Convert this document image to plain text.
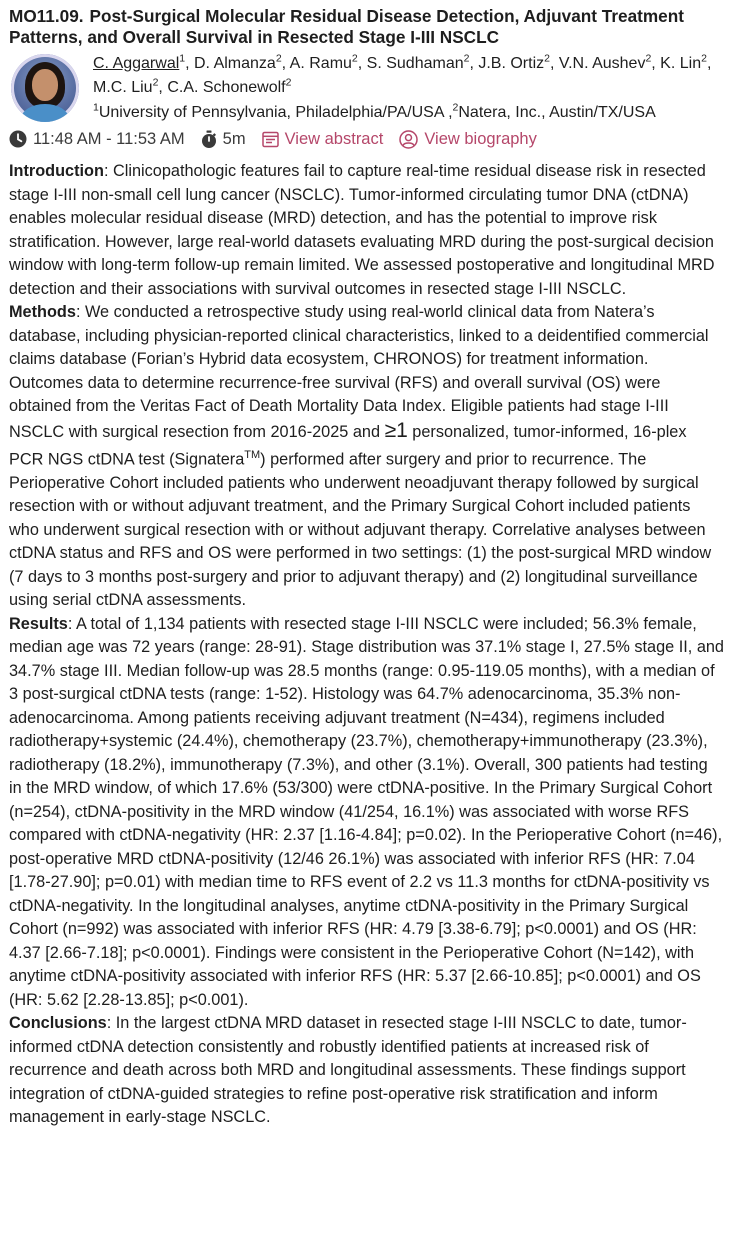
MO11.09. Post-Surgical Molecular Residual Disease Detection, Adjuvant Treatment Patterns, and Overall Survival in Resected Stage I-III NSCLC
C. Aggarwal$^1$, D. Almanza$^2$, A. Ramu$^2$, S. Sudhaman$^2$, J.B. Ortiz$^2$, V.N. Aushev$^2$, K. Lin$^2$, M.C. Liu$^2$, C.A. Schonewolf$^2$
$^1$University of Pennsylvania, Philadelphia/PA/USA ,$^2$Natera, Inc., Austin/TX/USA
11:48 AM - 11:53 AM 5m View abstract View biography

Introduction: Clinicopathologic features fail to capture real-time residual disease risk in resected stage I-III non-small cell lung cancer (NSCLC). Tumor-informed circulating tumor DNA (ctDNA) enables molecular residual disease (MRD) detection, and has the potential to improve risk stratification. However, large real-world datasets evaluating MRD during the post-surgical decision window with long-term follow-up remain limited. We assessed postoperative and longitudinal MRD detection and their associations with survival outcomes in resected stage I-III NSCLC.

Methods: We conducted a retrospective study using real-world clinical data from Natera’s database, including physician-reported clinical characteristics, linked to a deidentified commercial claims database (Forian’s Hybrid data ecosystem, CHRONOS) for treatment information. Outcomes data to determine recurrence-free survival (RFS) and overall survival (OS) were obtained from the Veritas Fact of Death Mortality Data Index. Eligible patients had stage I-III NSCLC with surgical resection from 2016-2025 and ≥1 personalized, tumor-informed, 16-plex PCR NGS ctDNA test (Signatera™) performed after surgery and prior to recurrence. The Perioperative Cohort included patients who underwent neoadjuvant therapy followed by surgical resection with or without adjuvant treatment, and the Primary Surgical Cohort included patients who underwent surgical resection with or without adjuvant therapy. Correlative analyses between ctDNA status and RFS and OS were performed in two settings: (1) the post-surgical MRD window (7 days to 3 months post-surgery and prior to adjuvant therapy) and (2) longitudinal surveillance using serial ctDNA assessments.

Results: A total of 1,134 patients with resected stage I-III NSCLC were included; 56.3% female, median age was 72 years (range: 28-91). Stage distribution was 37.1% stage I, 27.5% stage II, and 34.7% stage III. Median follow-up was 28.5 months (range: 0.95-119.05 months), with a median of 3 post-surgical ctDNA tests (range: 1-52). Histology was 64.7% adenocarcinoma, 35.3% non-adenocarcinoma. Among patients receiving adjuvant treatment (N=434), regimens included radiotherapy+systemic (24.4%), chemotherapy (23.7%), chemotherapy+immunotherapy (23.3%), radiotherapy (18.2%), immunotherapy (7.3%), and other (3.1%). Overall, 300 patients had testing in the MRD window, of which 17.6% (53/300) were ctDNA-positive. In the Primary Surgical Cohort (n=254), ctDNA-positivity in the MRD window (41/254, 16.1%) was associated with worse RFS compared with ctDNA-negativity (HR: 2.37 [1.16-4.84]; p=0.02). In the Perioperative Cohort (n=46), post-operative MRD ctDNA-positivity (12/46 26.1%) was associated with inferior RFS (HR: 7.04 [1.78-27.90]; p=0.01) with median time to RFS event of 2.2 vs 11.3 months for ctDNA-positivity vs ctDNA-negativity. In the longitudinal analyses, anytime ctDNA-positivity in the Primary Surgical Cohort (n=992) was associated with inferior RFS (HR: 4.79 [3.38-6.79]; p<0.0001) and OS (HR: 4.37 [2.66-7.18]; p<0.0001). Findings were consistent in the Perioperative Cohort (N=142), with anytime ctDNA-positivity associated with inferior RFS (HR: 5.37 [2.66-10.85]; p<0.0001) and OS (HR: 5.62 [2.28-13.85]; p<0.001).

Conclusions: In the largest ctDNA MRD dataset in resected stage I-III NSCLC to date, tumor-informed ctDNA detection consistently and robustly identified patients at increased risk of recurrence and death across both MRD and longitudinal assessments. These findings support integration of ctDNA-guided strategies to refine post-operative risk stratification and inform management in early-stage NSCLC.
